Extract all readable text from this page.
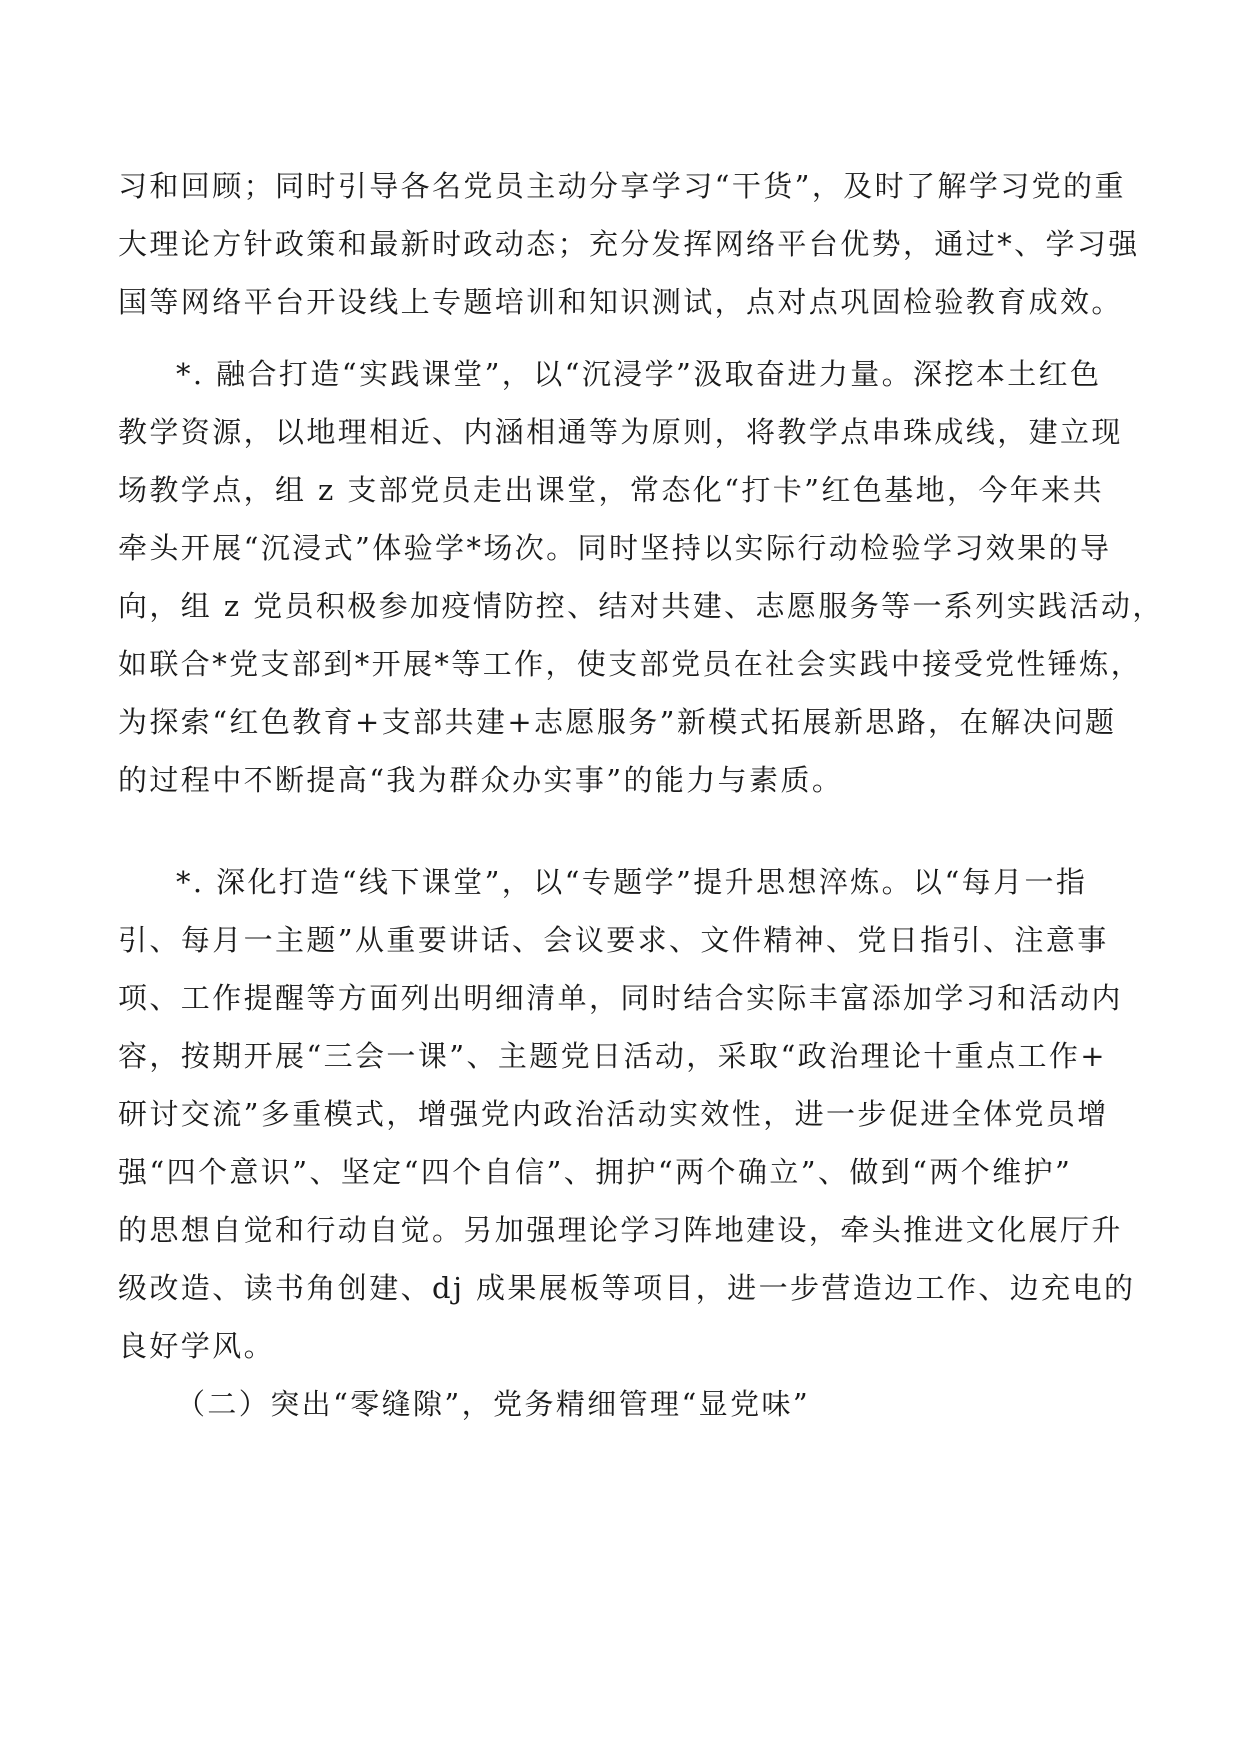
习和回顾；同时引导各名党员主动分享学习“干货”，及时了解学习党的重
大理论方针政策和最新时政动态；充分发挥网络平台优势，通过*、学习强
国等网络平台开设线上专题培训和知识测试，点对点巩固检验教育成效。
*. 融合打造“实践课堂”，以“沉浸学”汲取奋进力量。深挖本土红色
教学资源，以地理相近、内涵相通等为原则，将教学点串珠成线，建立现
场教学点，组 z 支部党员走出课堂，常态化“打卡”红色基地，今年来共
牵头开展“沉浸式”体验学*场次。同时坚持以实际行动检验学习效果的导
向，组 z 党员积极参加疫情防控、结对共建、志愿服务等一系列实践活动，
如联合*党支部到*开展*等工作，使支部党员在社会实践中接受党性锤炼，
为探索“红色教育+支部共建+志愿服务”新模式拓展新思路，在解决问题
的过程中不断提高“我为群众办实事”的能力与素质。
*. 深化打造“线下课堂”，以“专题学”提升思想淬炼。以“每月一指
引、每月一主题”从重要讲话、会议要求、文件精神、党日指引、注意事
项、工作提醒等方面列出明细清单，同时结合实际丰富添加学习和活动内
容，按期开展“三会一课”、主题党日活动，采取“政治理论十重点工作+
研讨交流”多重模式，增强党内政治活动实效性，进一步促进全体党员增
强“四个意识”、坚定“四个自信”、拥护“两个确立”、做到“两个维护”
的思想自觉和行动自觉。另加强理论学习阵地建设，牵头推进文化展厅升
级改造、读书角创建、dj 成果展板等项目，进一步营造边工作、边充电的
良好学风。
（二）突出“零缝隙”，党务精细管理“显党味”
